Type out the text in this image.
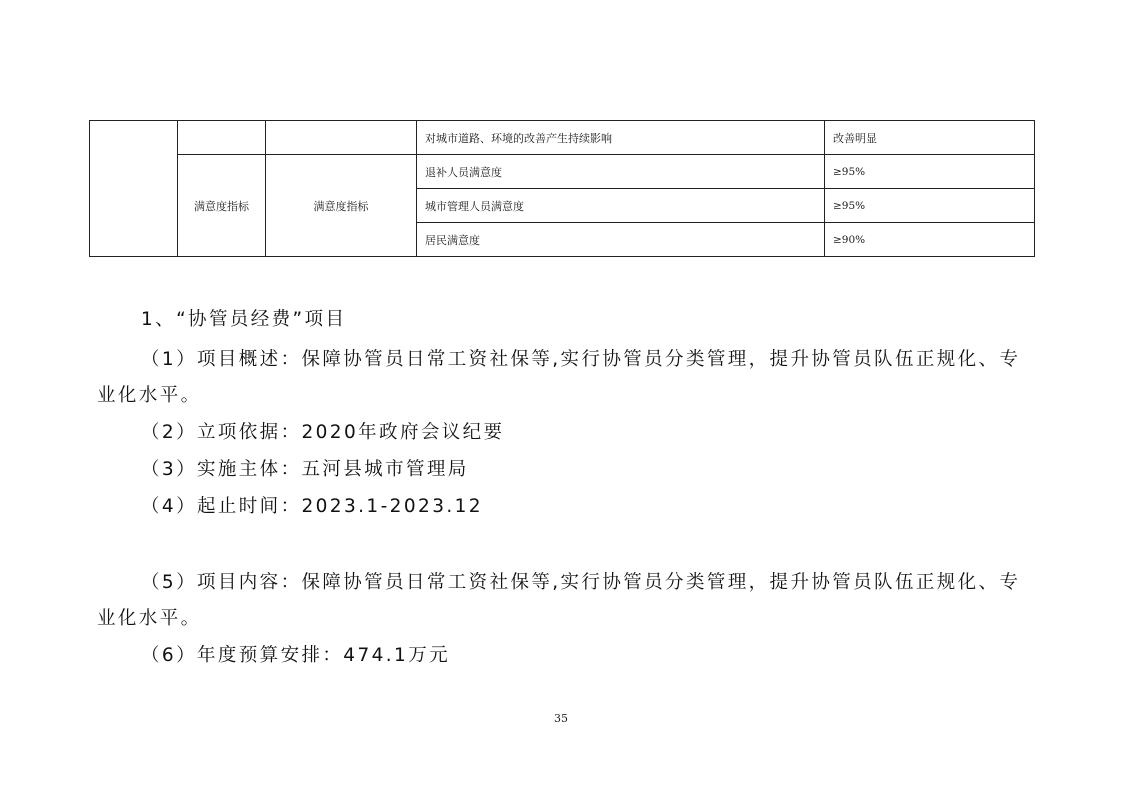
			对城市道路、环境的改善产生持续影响	改善明显
	满意度指标	满意度指标	退补人员满意度	≥95%
			城市管理人员满意度	≥95%
			居民满意度	≥90%
1、“协管员经费”项目
（1）项目概述：保障协管员日常工资社保等,实行协管员分类管理，提升协管员队伍正规化、专
业化水平。
（2）立项依据：2020年政府会议纪要
（3）实施主体：五河县城市管理局
（4）起止时间：2023.1-2023.12
（5）项目内容：保障协管员日常工资社保等,实行协管员分类管理，提升协管员队伍正规化、专
业化水平。
（6）年度预算安排：474.1万元
35
